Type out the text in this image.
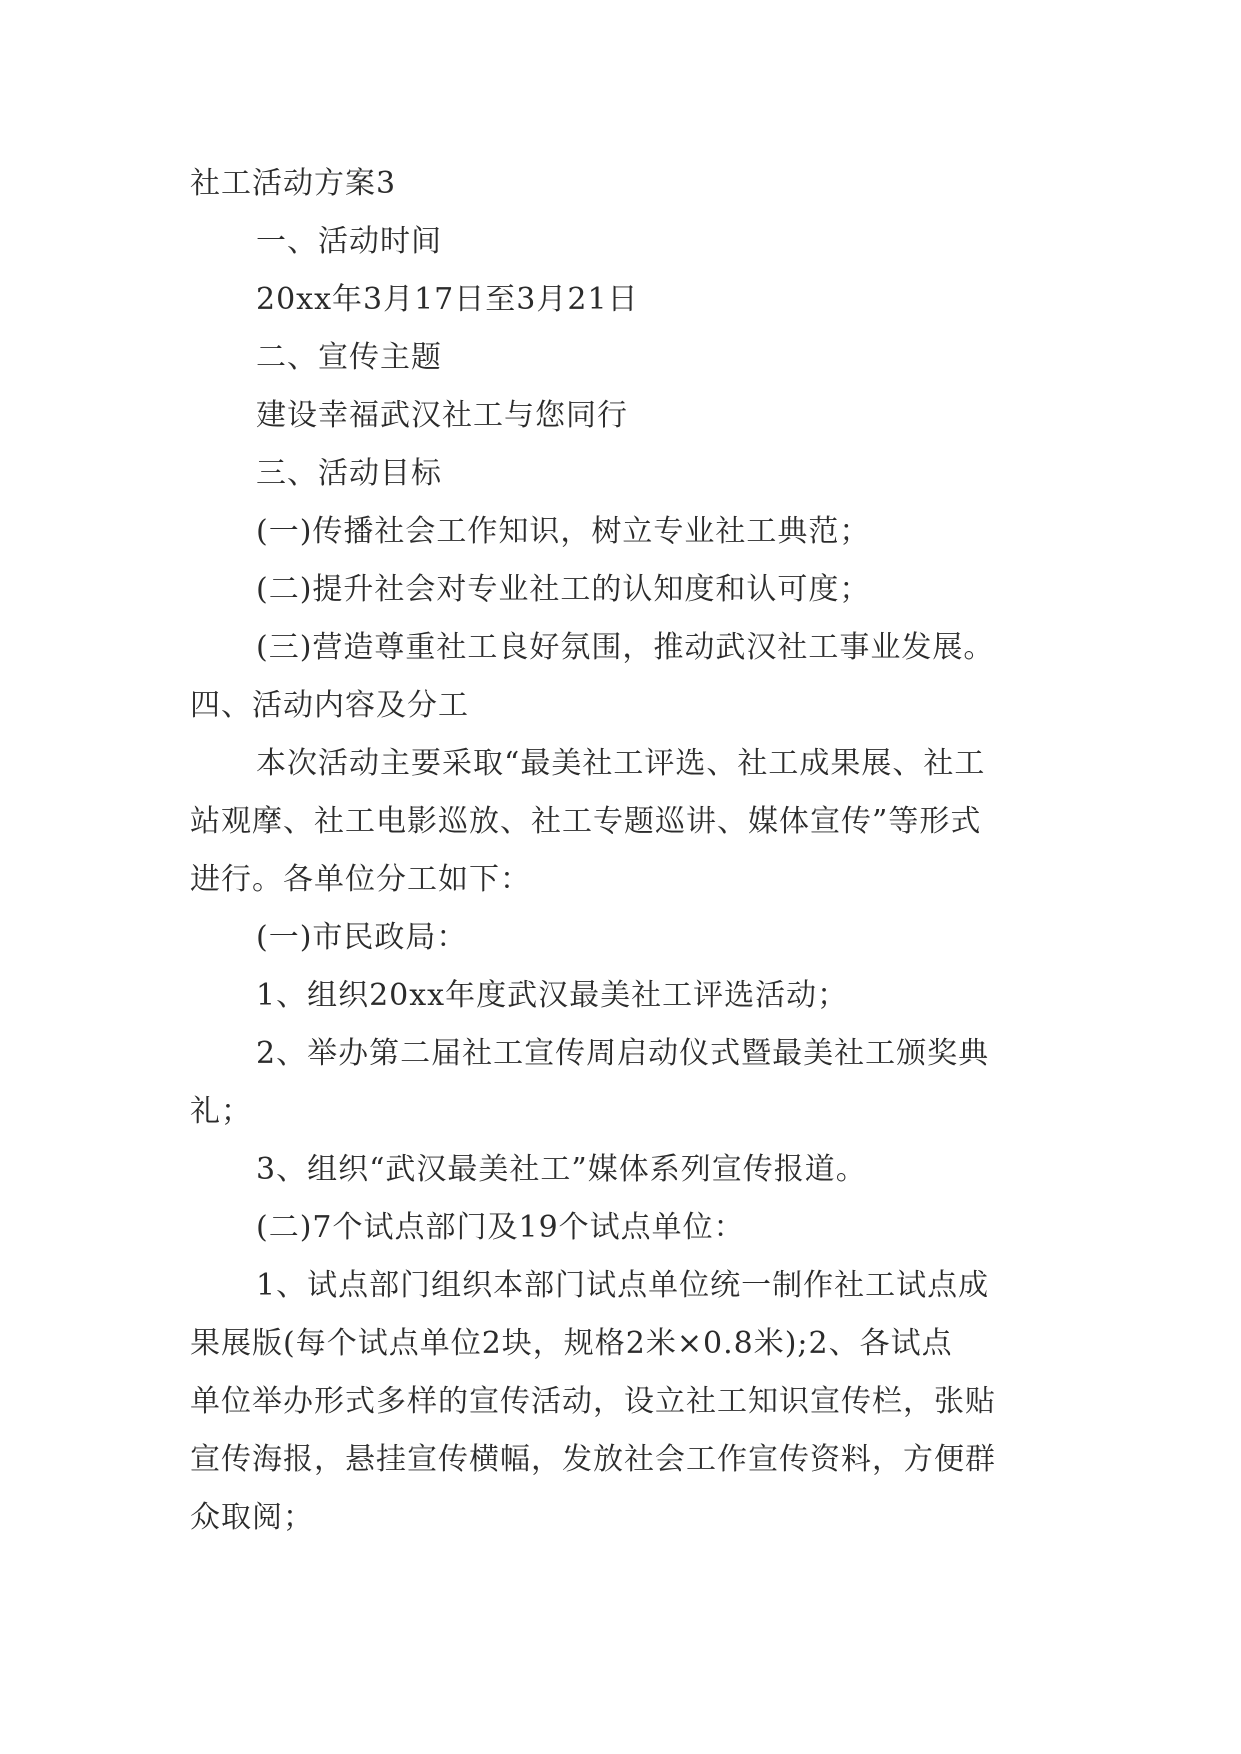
社工活动方案3
一、活动时间
20xx年3月17日至3月21日
二、宣传主题
建设幸福武汉社工与您同行
三、活动目标
(一)传播社会工作知识，树立专业社工典范；
(二)提升社会对专业社工的认知度和认可度；
(三)营造尊重社工良好氛围，推动武汉社工事业发展。
四、活动内容及分工
本次活动主要采取“最美社工评选、社工成果展、社工
站观摩、社工电影巡放、社工专题巡讲、媒体宣传”等形式
进行。各单位分工如下：
(一)市民政局：
1、组织20xx年度武汉最美社工评选活动；
2、举办第二届社工宣传周启动仪式暨最美社工颁奖典
礼；
3、组织“武汉最美社工”媒体系列宣传报道。
(二)7个试点部门及19个试点单位：
1、试点部门组织本部门试点单位统一制作社工试点成
果展版(每个试点单位2块，规格2米×0.8米);2、各试点
单位举办形式多样的宣传活动，设立社工知识宣传栏，张贴
宣传海报，悬挂宣传横幅，发放社会工作宣传资料，方便群
众取阅；
